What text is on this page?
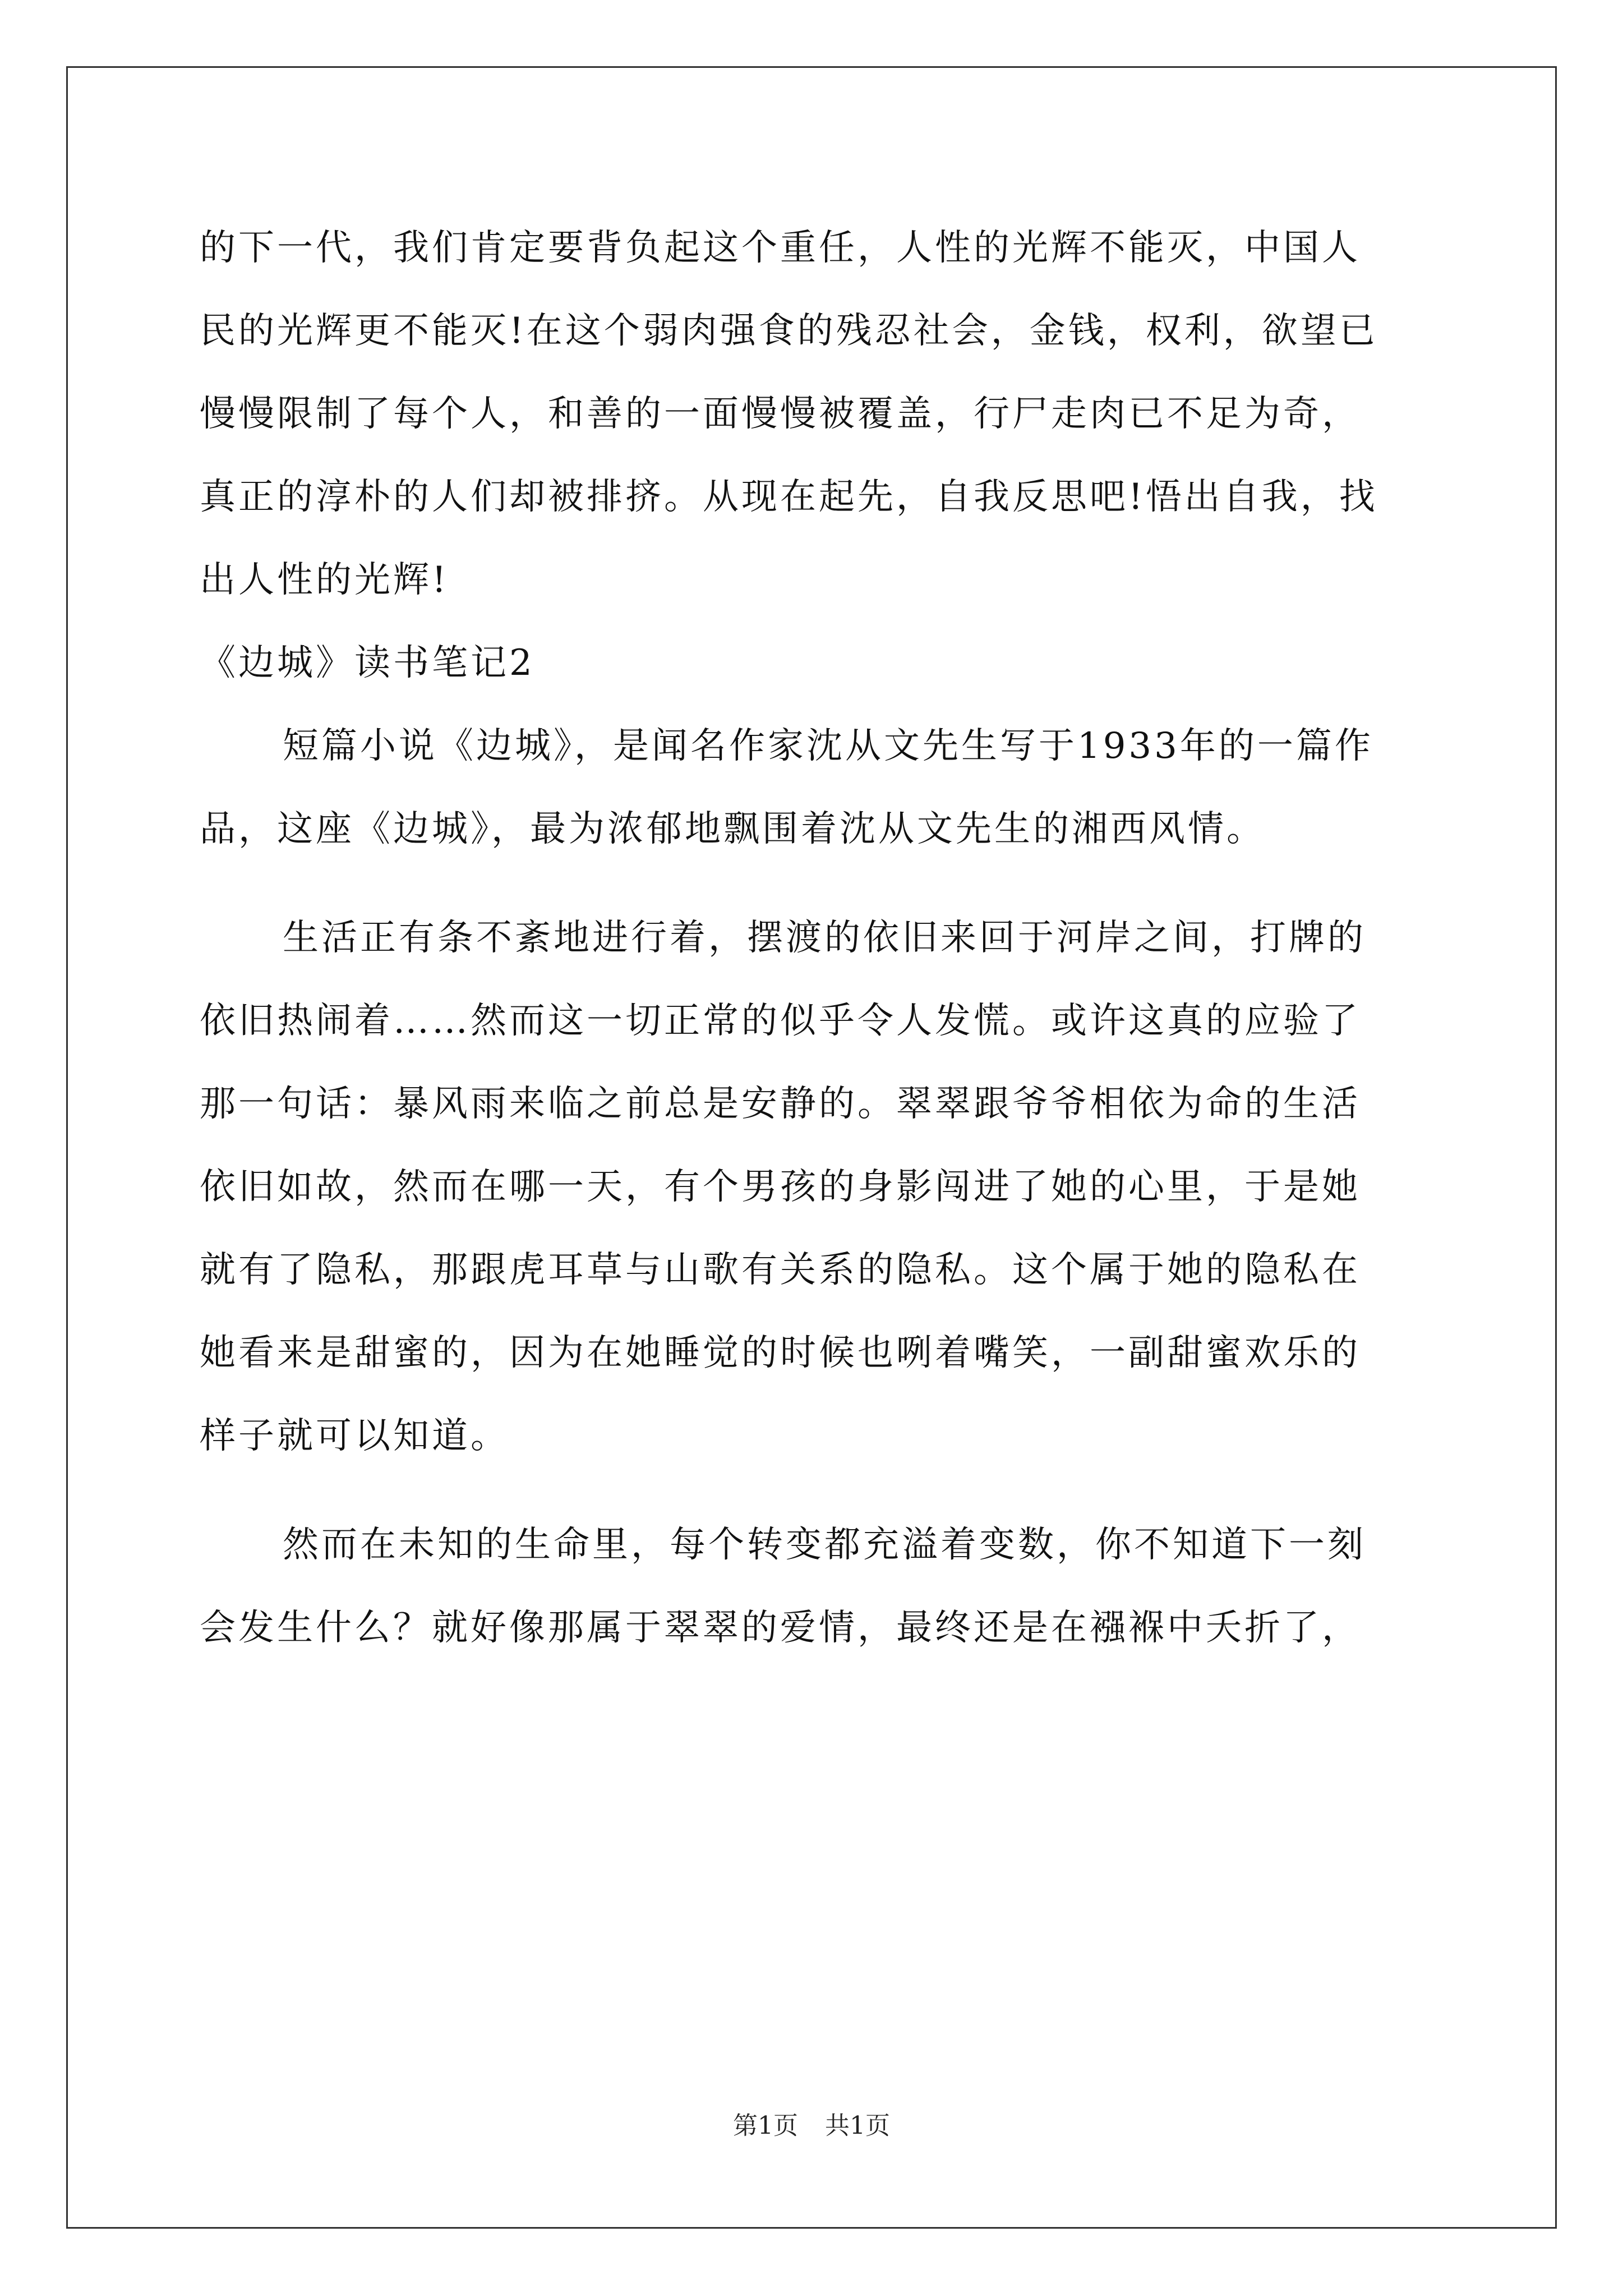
的下一代，我们肯定要背负起这个重任，人性的光辉不能灭，中国人
民的光辉更不能灭!在这个弱肉强食的残忍社会，金钱，权利，欲望已
慢慢限制了每个人，和善的一面慢慢被覆盖，行尸走肉已不足为奇，
真正的淳朴的人们却被排挤。从现在起先，自我反思吧!悟出自我，找
出人性的光辉!
《边城》读书笔记2
短篇小说《边城》，是闻名作家沈从文先生写于1933年的一篇作
品，这座《边城》，最为浓郁地飘围着沈从文先生的湘西风情。
生活正有条不紊地进行着，摆渡的依旧来回于河岸之间，打牌的
依旧热闹着……然而这一切正常的似乎令人发慌。或许这真的应验了
那一句话：暴风雨来临之前总是安静的。翠翠跟爷爷相依为命的生活
依旧如故，然而在哪一天，有个男孩的身影闯进了她的心里，于是她
就有了隐私，那跟虎耳草与山歌有关系的隐私。这个属于她的隐私在
她看来是甜蜜的，因为在她睡觉的时候也咧着嘴笑，一副甜蜜欢乐的
样子就可以知道。
然而在未知的生命里，每个转变都充溢着变数，你不知道下一刻
会发生什么？就好像那属于翠翠的爱情，最终还是在襁褓中夭折了，
第1页 共1页
